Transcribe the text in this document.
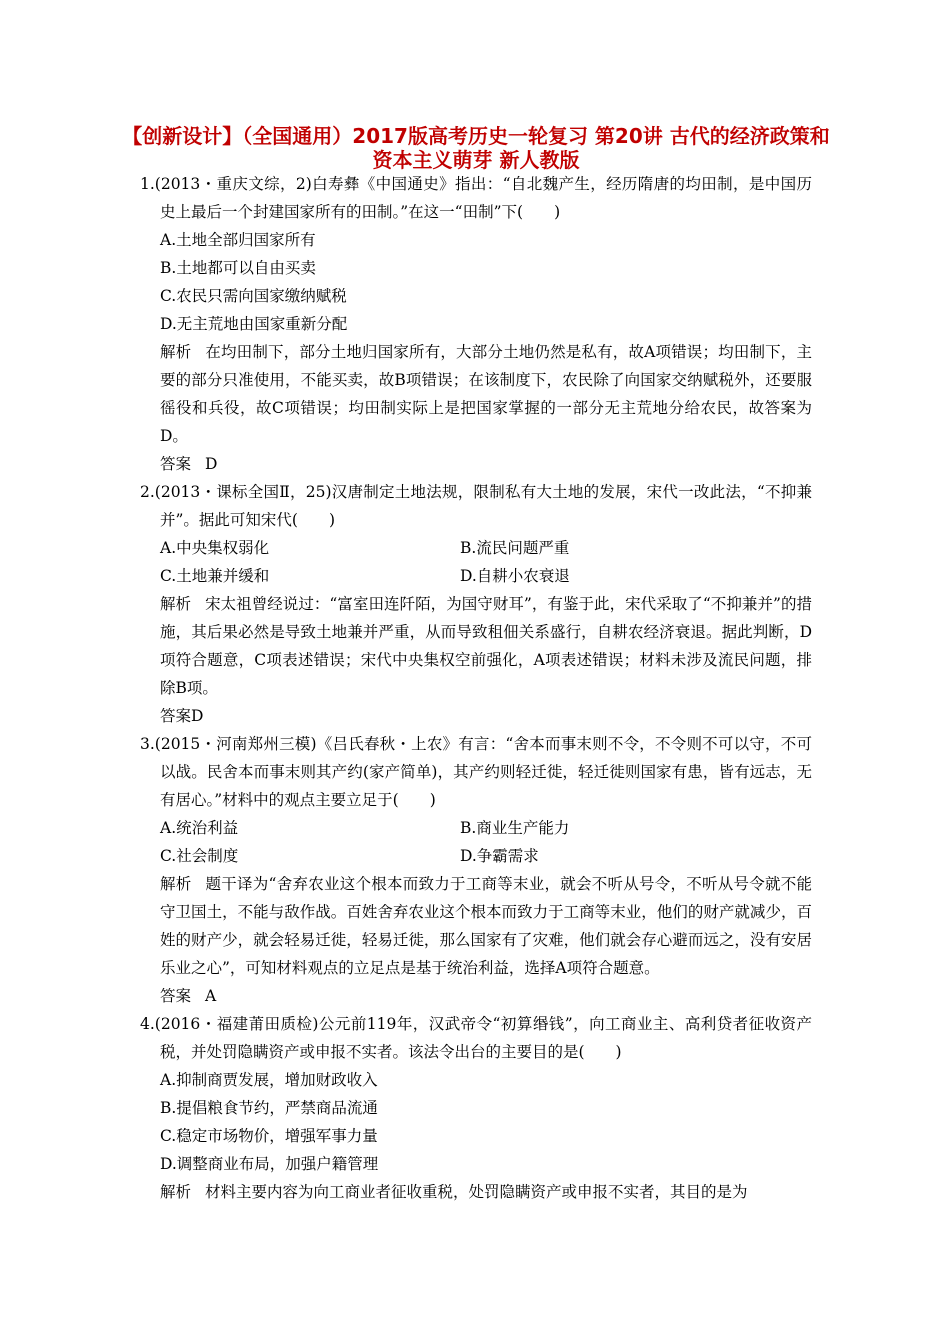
【创新设计】（全国通用）2017版高考历史一轮复习 第20讲 古代的经济政策和资本主义萌芽 新人教版
1.(2013・重庆文综，2)白寿彝《中国通史》指出：“自北魏产生，经历隋唐的均田制，是中国历史上最后一个封建国家所有的田制。”在这一“田制”下(　　)
A.土地全部归国家所有
B.土地都可以自由买卖
C.农民只需向国家缴纳赋税
D.无主荒地由国家重新分配
解析 在均田制下，部分土地归国家所有，大部分土地仍然是私有，故A项错误；均田制下，主要的部分只准使用，不能买卖，故B项错误；在该制度下，农民除了向国家交纳赋税外，还要服徭役和兵役，故C项错误；均田制实际上是把国家掌握的一部分无主荒地分给农民，故答案为D。
答案 D
2.(2013・课标全国Ⅱ，25)汉唐制定土地法规，限制私有大土地的发展，宋代一改此法，“不抑兼并”。据此可知宋代(　　)
A.中央集权弱化	B.流民问题严重
C.土地兼并缓和	D.自耕小农衰退
解析 宋太祖曾经说过：“富室田连阡陌，为国守财耳”，有鉴于此，宋代采取了“不抑兼并”的措施，其后果必然是导致土地兼并严重，从而导致租佃关系盛行，自耕农经济衰退。据此判断，D项符合题意，C项表述错误；宋代中央集权空前强化，A项表述错误；材料未涉及流民问题，排除B项。
答案D
3.(2015・河南郑州三模)《吕氏春秋・上农》有言：“舍本而事末则不令，不令则不可以守，不可以战。民舍本而事末则其产约(家产简单)，其产约则轻迁徙，轻迁徙则国家有患，皆有远志，无有居心。”材料中的观点主要立足于(　　)
A.统治利益	B.商业生产能力
C.社会制度	D.争霸需求
解析 题干译为“舍弃农业这个根本而致力于工商等末业，就会不听从号令，不听从号令就不能守卫国土，不能与敌作战。百姓舍弃农业这个根本而致力于工商等末业，他们的财产就减少，百姓的财产少，就会轻易迁徙，轻易迁徙，那么国家有了灾难，他们就会存心避而远之，没有安居乐业之心”，可知材料观点的立足点是基于统治利益，选择A项符合题意。
答案 A
4.(2016・福建莆田质检)公元前119年，汉武帝令“初算缗钱”，向工商业主、高利贷者征收资产税，并处罚隐瞒资产或申报不实者。该法令出台的主要目的是(　　)
A.抑制商贾发展，增加财政收入
B.提倡粮食节约，严禁商品流通
C.稳定市场物价，增强军事力量
D.调整商业布局，加强户籍管理
解析 材料主要内容为向工商业者征收重税，处罚隐瞒资产或申报不实者，其目的是为
